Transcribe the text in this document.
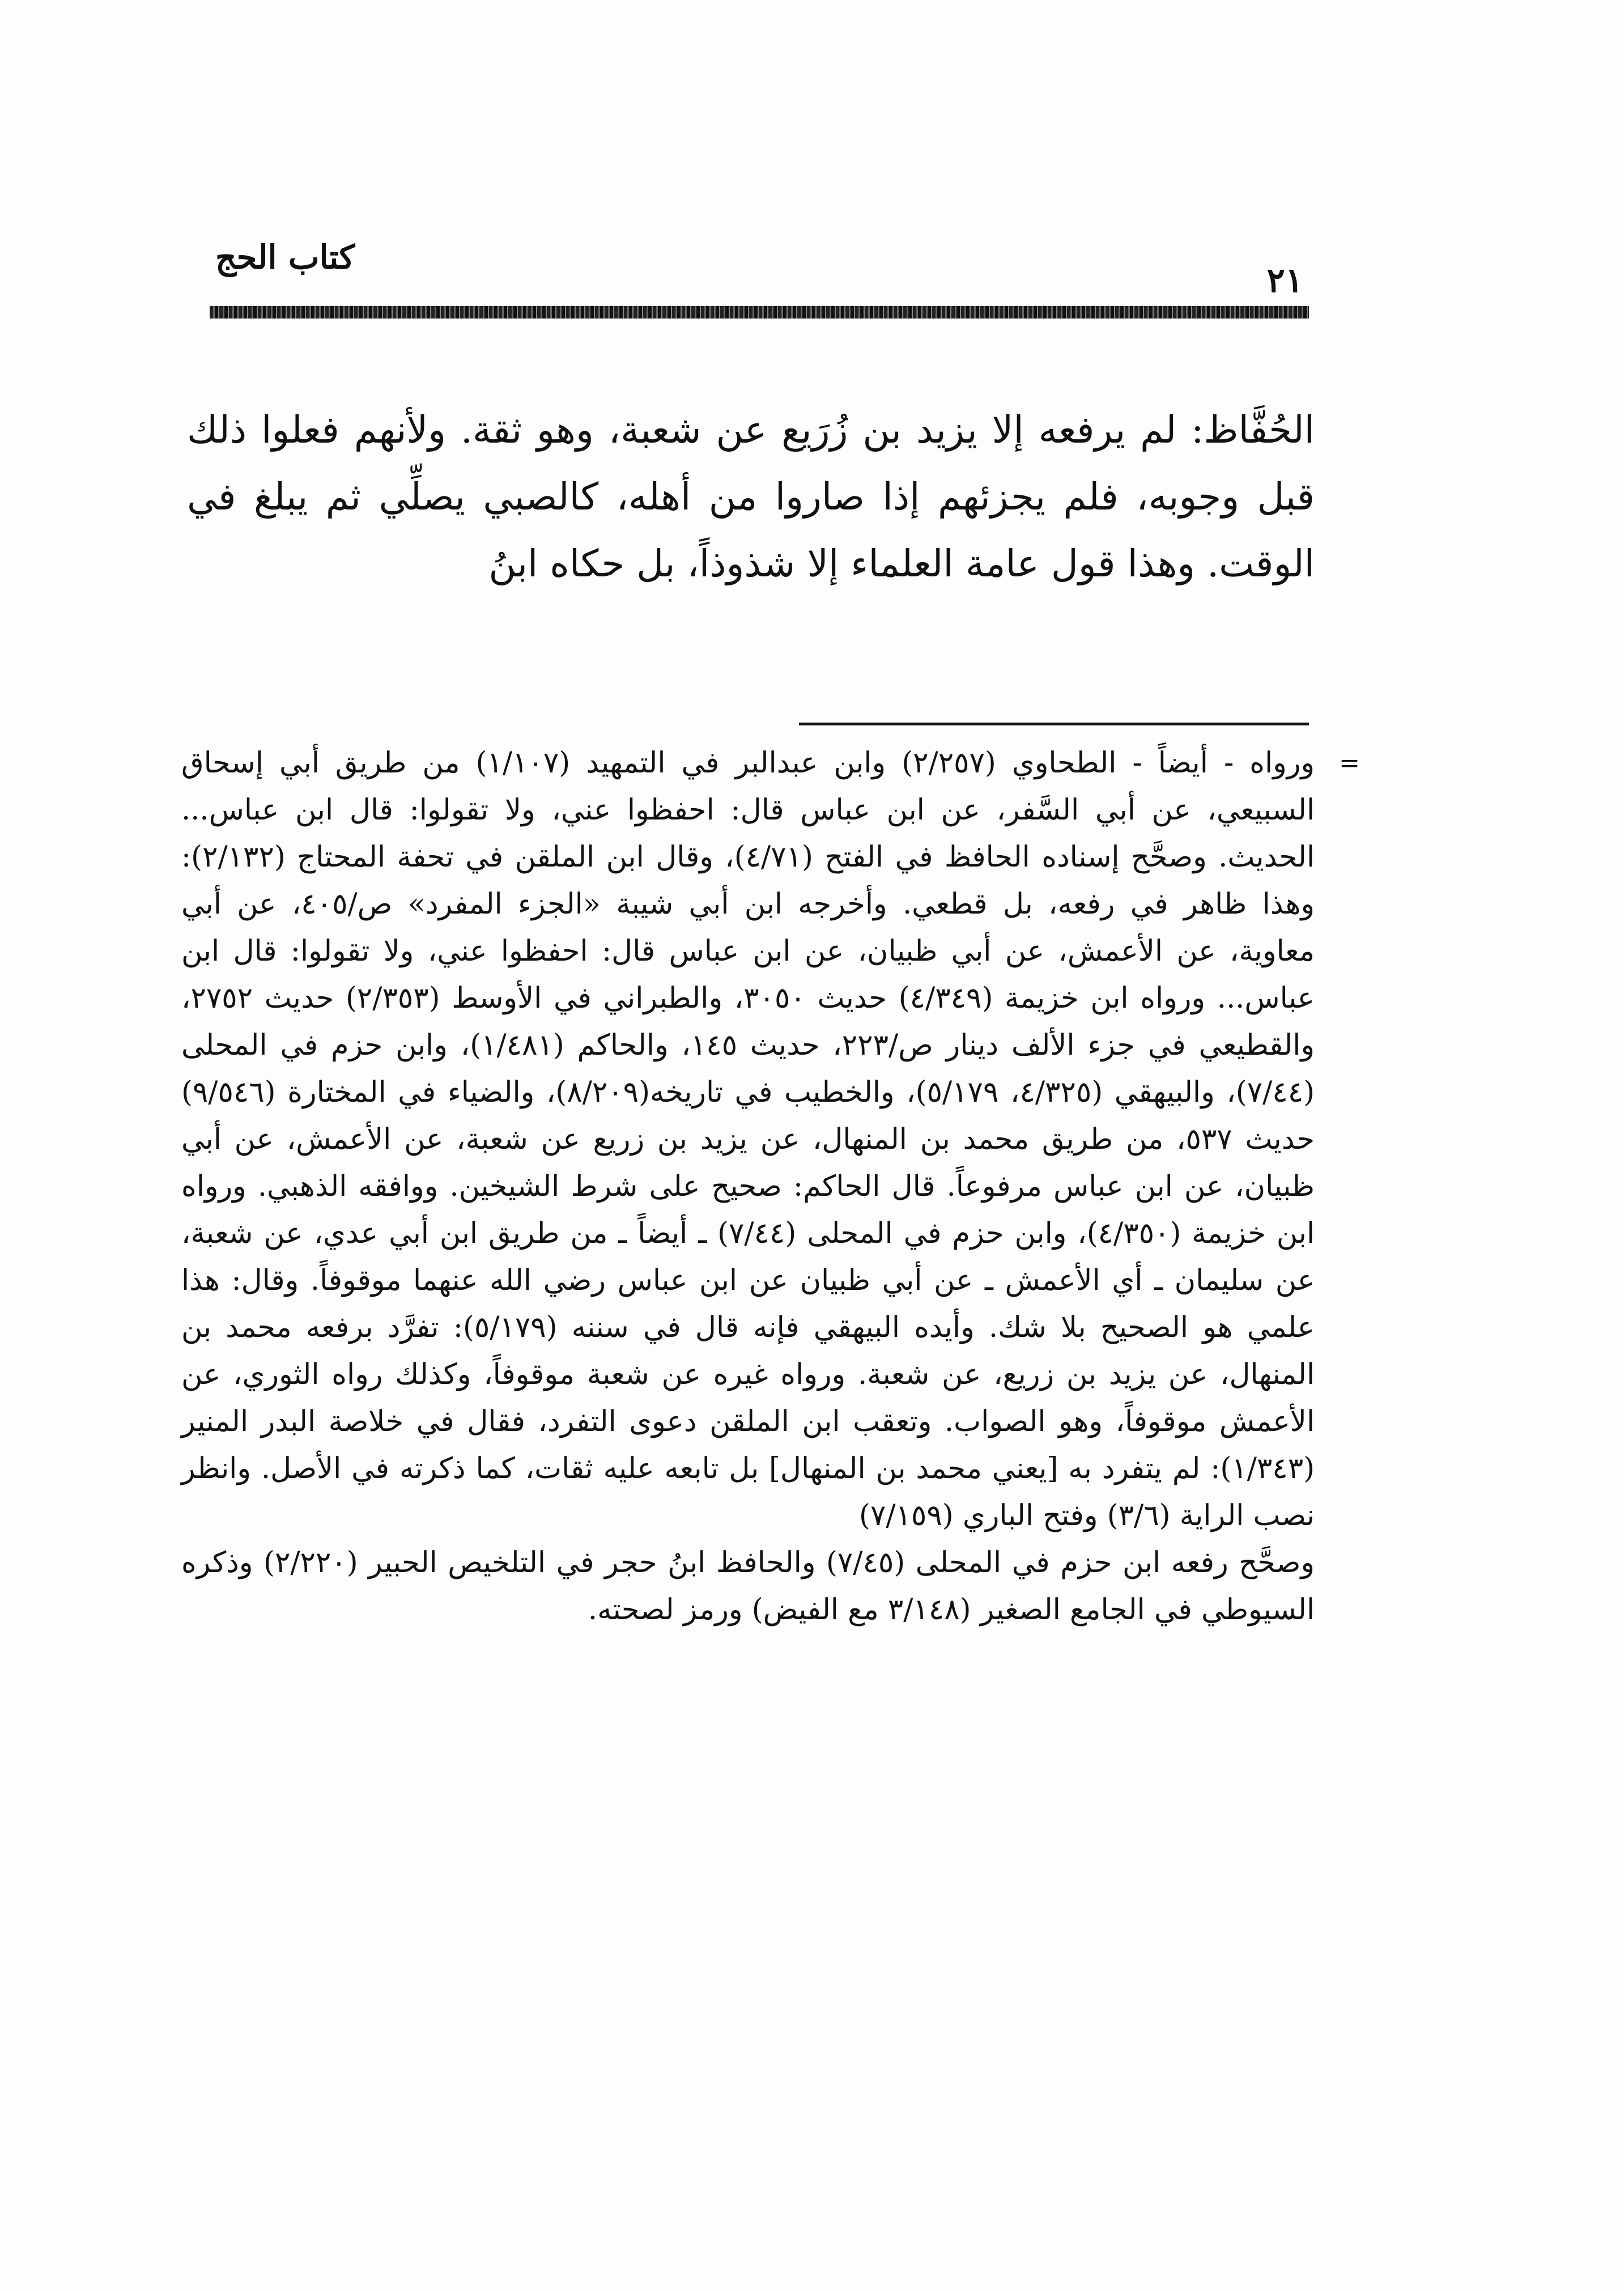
كتاب الحج
٢١

الحُفَّاظ: لم يرفعه إلا يزيد بن زُرَيع عن شعبة، وهو ثقة. ولأنهم فعلوا ذلك قبل وجوبه، فلم يجزئهم إذا صاروا من أهله، كالصبي يصلِّي ثم يبلغ في الوقت. وهذا قول عامة العلماء إلا شذوذاً، بل حكاه ابنُ

=

ورواه - أيضاً - الطحاوي (٢/٢٥٧) وابن عبدالبر في التمهيد (١/١٠٧) من طريق أبي إسحاق السبيعي، عن أبي السَّفر، عن ابن عباس قال: احفظوا عني، ولا تقولوا: قال ابن عباس... الحديث. وصحَّح إسناده الحافظ في الفتح (٤/٧١)، وقال ابن الملقن في تحفة المحتاج (٢/١٣٢): وهذا ظاهر في رفعه، بل قطعي. وأخرجه ابن أبي شيبة «الجزء المفرد» ص/٤٠٥، عن أبي معاوية، عن الأعمش، عن أبي ظبيان، عن ابن عباس قال: احفظوا عني، ولا تقولوا: قال ابن عباس... ورواه ابن خزيمة (٤/٣٤٩) حديث ٣٠٥٠، والطبراني في الأوسط (٢/٣٥٣) حديث ٢٧٥٢، والقطيعي في جزء الألف دينار ص/٢٢٣، حديث ١٤٥، والحاكم (١/٤٨١)، وابن حزم في المحلى (٧/٤٤)، والبيهقي (٤/٣٢٥، ٥/١٧٩)، والخطيب في تاريخه(٨/٢٠٩)، والضياء في المختارة (٩/٥٤٦) حديث ٥٣٧، من طريق محمد بن المنهال، عن يزيد بن زريع عن شعبة، عن الأعمش، عن أبي ظبيان، عن ابن عباس مرفوعاً. قال الحاكم: صحيح على شرط الشيخين. ووافقه الذهبي. ورواه ابن خزيمة (٤/٣٥٠)، وابن حزم في المحلى (٧/٤٤) ـ أيضاً ـ من طريق ابن أبي عدي، عن شعبة، عن سليمان ـ أي الأعمش ـ عن أبي ظبيان عن ابن عباس رضي الله عنهما موقوفاً. وقال: هذا علمي هو الصحيح بلا شك. وأيده البيهقي فإنه قال في سننه (٥/١٧٩): تفرَّد برفعه محمد بن المنهال، عن يزيد بن زريع، عن شعبة. ورواه غيره عن شعبة موقوفاً، وكذلك رواه الثوري، عن الأعمش موقوفاً، وهو الصواب. وتعقب ابن الملقن دعوى التفرد، فقال في خلاصة البدر المنير (١/٣٤٣): لم يتفرد به [يعني محمد بن المنهال] بل تابعه عليه ثقات، كما ذكرته في الأصل. وانظر نصب الراية (٣/٦) وفتح الباري (٧/١٥٩)

وصحَّح رفعه ابن حزم في المحلى (٧/٤٥) والحافظ ابنُ حجر في التلخيص الحبير (٢/٢٢٠) وذكره السيوطي في الجامع الصغير (٣/١٤٨ مع الفيض) ورمز لصحته.
